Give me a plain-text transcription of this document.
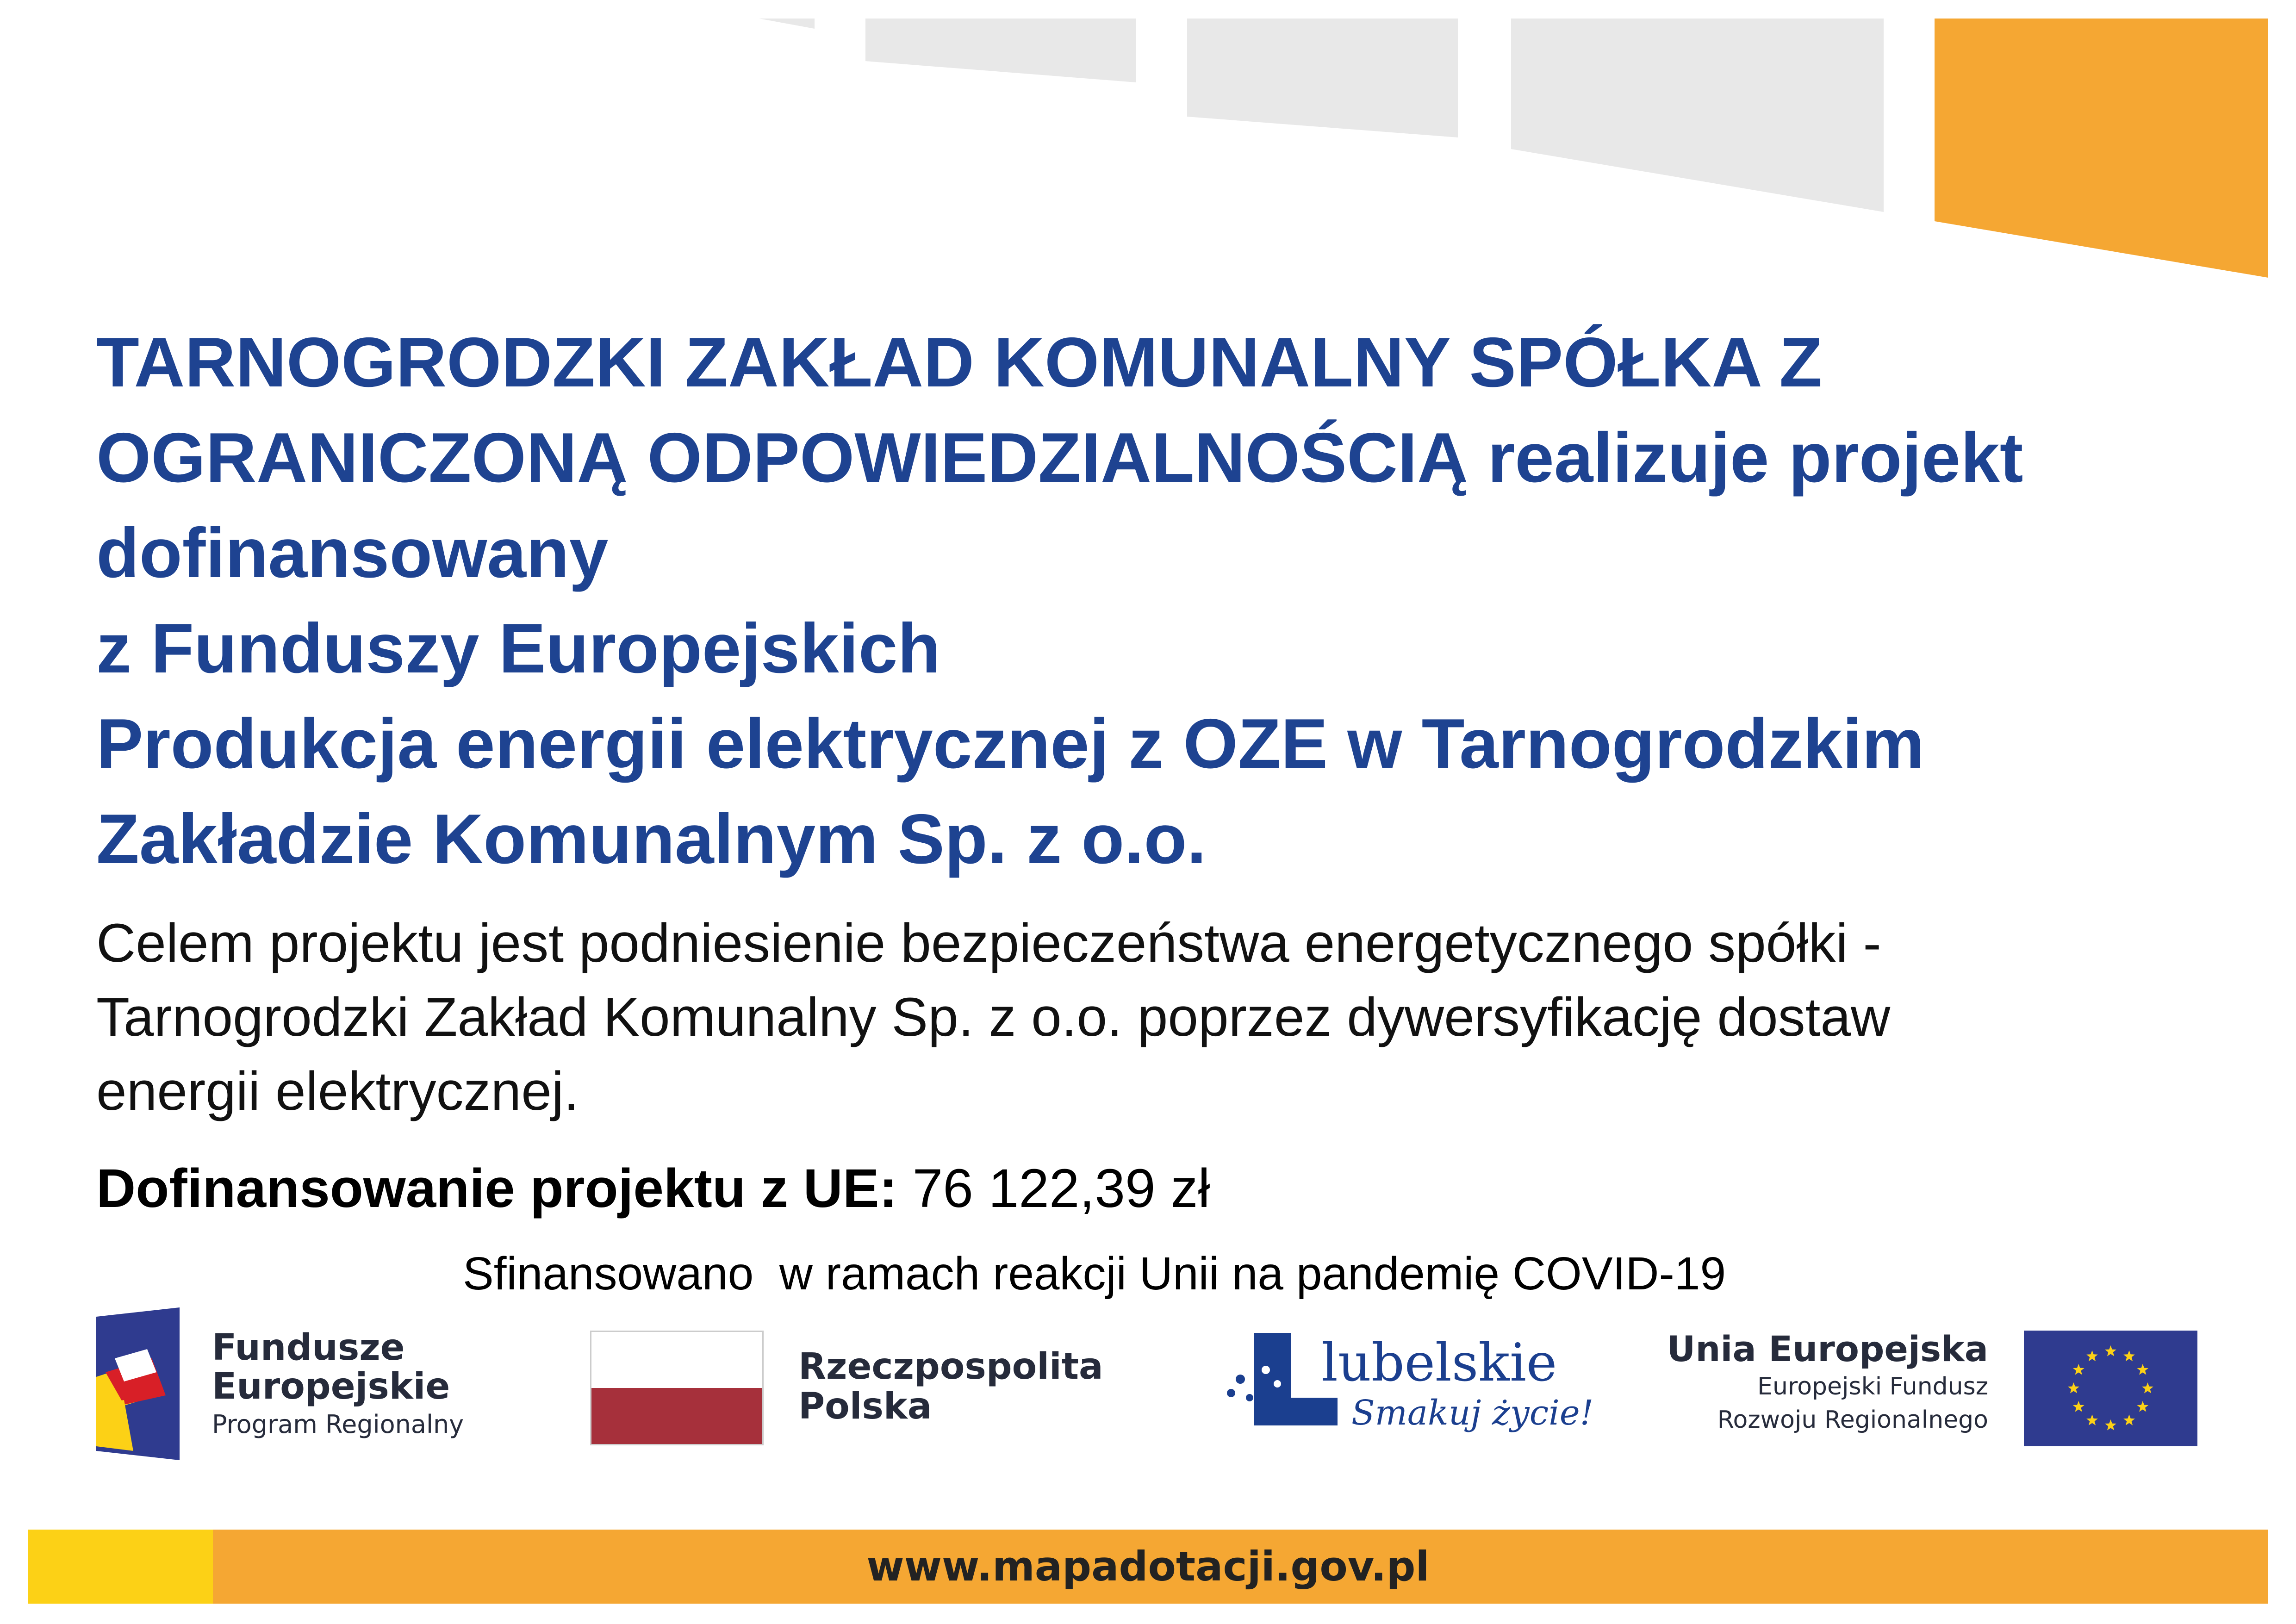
TARNOGRODZKI ZAKŁAD KOMUNALNY SPÓŁKA Z
OGRANICZONĄ ODPOWIEDZIALNOŚCIĄ realizuje projekt
dofinansowany
z Funduszy Europejskich
Produkcja energii elektrycznej z OZE w Tarnogrodzkim
Zakładzie Komunalnym Sp. z o.o.
Celem projektu jest podniesienie bezpieczeństwa energetycznego spółki -
Tarnogrodzki Zakład Komunalny Sp. z o.o. poprzez dywersyfikację dostaw
energii elektrycznej.
Dofinansowanie projektu z UE: 76 122,39 zł
Sfinansowano  w ramach reakcji Unii na pandemię COVID-19
Fundusze
Europejskie
Program Regionalny
Rzeczpospolita
Polska
lubelskie
Smakuj życie!
Unia Europejska
Europejski Fundusz
Rozwoju Regionalnego
www.mapadotacji.gov.pl
